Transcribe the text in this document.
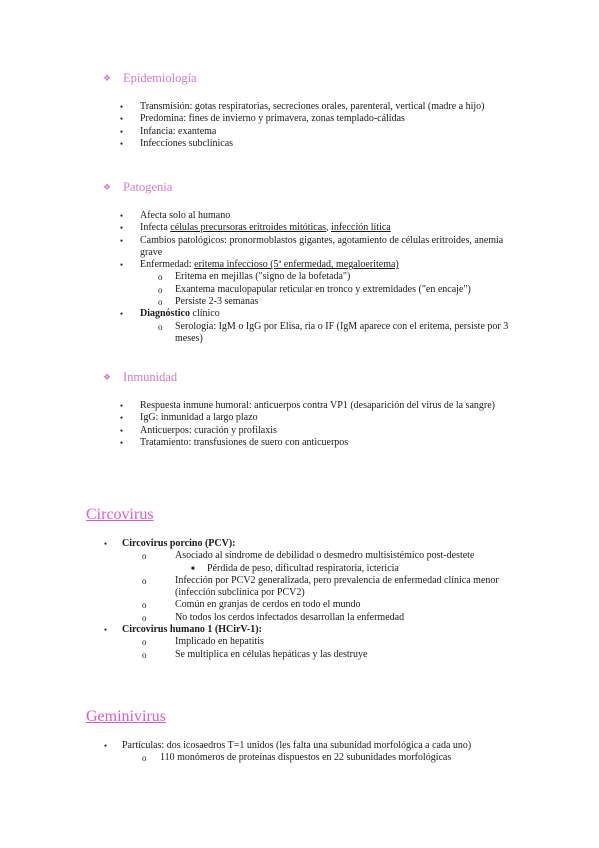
❖ Epidemiología
●
Transmisión: gotas respiratorias, secreciones orales, parenteral, vertical (madre a hijo)
●
Predomina: fines de invierno y primavera, zonas templado-cálidas
●
Infancia: exantema
●
Infecciones subclínicas
❖ Patogenia
●
Afecta solo al humano
●
Infecta células precursoras eritroides mitóticas, infección lítica
●
Cambios patológicos: pronormoblastos gigantes, agotamiento de células eritroides, anemia grave
●
Enfermedad: eritema infeccioso (5ª enfermedad, megaloeritema)
o
Eritema en mejillas ("signo de la bofetada")
o
Exantema maculopapular reticular en tronco y extremidades ("en encaje")
o
Persiste 2-3 semanas
●
Diagnóstico clínico
o
Serología: IgM o IgG por Elisa, ria o IF (IgM aparece con el eritema, persiste por 3 meses)
❖ Inmunidad
●
Respuesta inmune humoral: anticuerpos contra VP1 (desaparición del virus de la sangre)
●
IgG: inmunidad a largo plazo
●
Anticuerpos: curación y profilaxis
●
Tratamiento: transfusiones de suero con anticuerpos
Circovirus
●
Circovirus porcino (PCV):
o
Asociado al síndrome de debilidad o desmedro multisistémico post-destete
■
Pérdida de peso, dificultad respiratoria, ictericia
o
Infección por PCV2 generalizada, pero prevalencia de enfermedad clínica menor (infección subclínica por PCV2)
o
Común en granjas de cerdos en todo el mundo
o
No todos los cerdos infectados desarrollan la enfermedad
●
Circovirus humano 1 (HCirV-1):
o
Implicado en hepatitis
o
Se multiplica en células hepáticas y las destruye
Geminivirus
●
Partículas: dos icosaedros T=1 unidos (les falta una subunidad morfológica a cada uno)
o
110 monómeros de proteínas dispuestos en 22 subunidades morfológicas
